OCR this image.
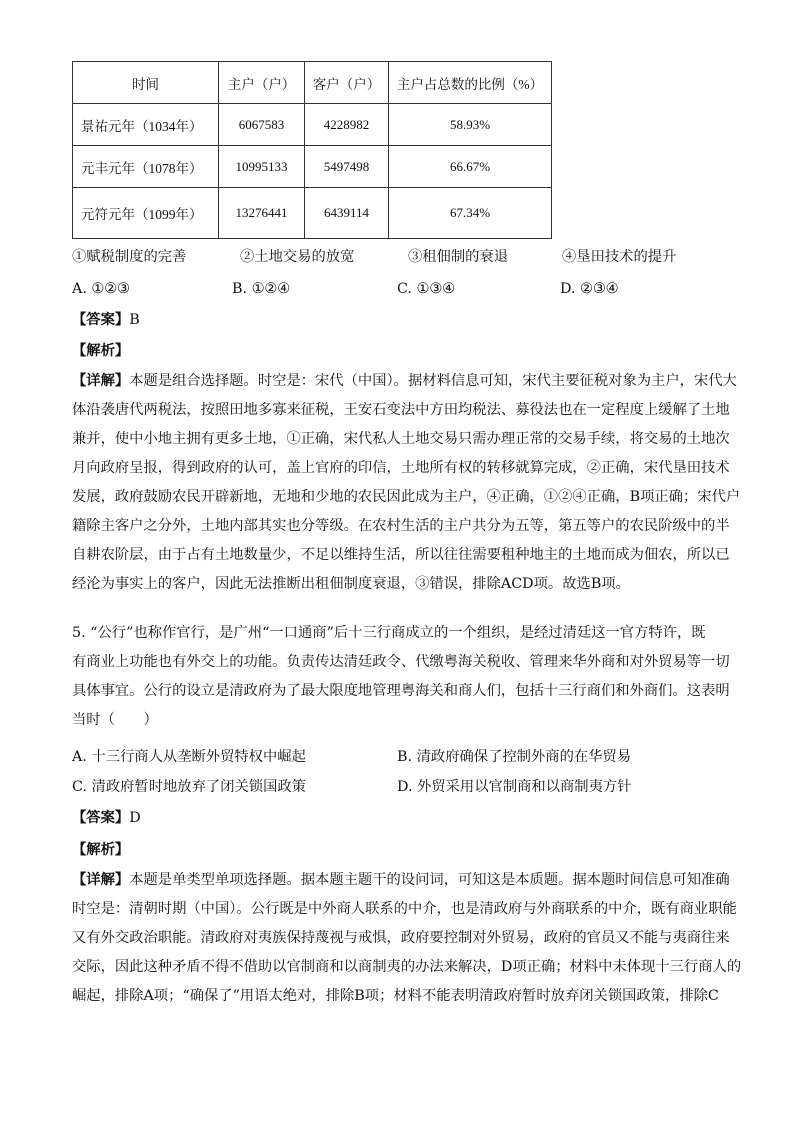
时间	主户（户）	客户（户）	主户占总数的比例（%）
景祐元年（1034年）	6067583	4228982	58.93%
元丰元年（1078年）	10995133	5497498	66.67%
元符元年（1099年）	13276441	6439114	67.34%
①赋税制度的完善	②土地交易的放宽	③租佃制的衰退	④垦田技术的提升
A. ①②③	B. ①②④	C. ①③④	D. ②③④
【答案】B
【解析】
【详解】本题是组合选择题。时空是：宋代（中国）。据材料信息可知，宋代主要征税对象为主户，宋代大
体沿袭唐代两税法，按照田地多寡来征税，王安石变法中方田均税法、募役法也在一定程度上缓解了土地
兼并，使中小地主拥有更多土地，①正确，宋代私人土地交易只需办理正常的交易手续，将交易的土地次
月向政府呈报，得到政府的认可，盖上官府的印信，土地所有权的转移就算完成，②正确，宋代垦田技术
发展，政府鼓励农民开辟新地，无地和少地的农民因此成为主户，④正确，①②④正确，B项正确；宋代户
籍除主客户之分外，土地内部其实也分等级。在农村生活的主户共分为五等，第五等户的农民阶级中的半
自耕农阶层，由于占有土地数量少，不足以维持生活，所以往往需要租种地主的土地而成为佃农，所以已
经沦为事实上的客户，因此无法推断出租佃制度衰退，③错误，排除ACD项。故选B项。
5. “公行”也称作官行，是广州“一口通商”后十三行商成立的一个组织，是经过清廷这一官方特许，既
有商业上功能也有外交上的功能。负责传达清廷政令、代缴粤海关税收、管理来华外商和对外贸易等一切
具体事宜。公行的设立是清政府为了最大限度地管理粤海关和商人们，包括十三行商们和外商们。这表明
当时（　　）
A. 十三行商人从垄断外贸特权中崛起	B. 清政府确保了控制外商的在华贸易
C. 清政府暂时地放弃了闭关锁国政策	D. 外贸采用以官制商和以商制夷方针
【答案】D
【解析】
【详解】本题是单类型单项选择题。据本题主题干的设问词，可知这是本质题。据本题时间信息可知准确
时空是：清朝时期（中国）。公行既是中外商人联系的中介，也是清政府与外商联系的中介，既有商业职能
又有外交政治职能。清政府对夷族保持蔑视与戒惧，政府要控制对外贸易，政府的官员又不能与夷商往来
交际，因此这种矛盾不得不借助以官制商和以商制夷的办法来解决，D项正确；材料中未体现十三行商人的
崛起，排除A项；“确保了”用语太绝对，排除B项；材料不能表明清政府暂时放弃闭关锁国政策，排除C
